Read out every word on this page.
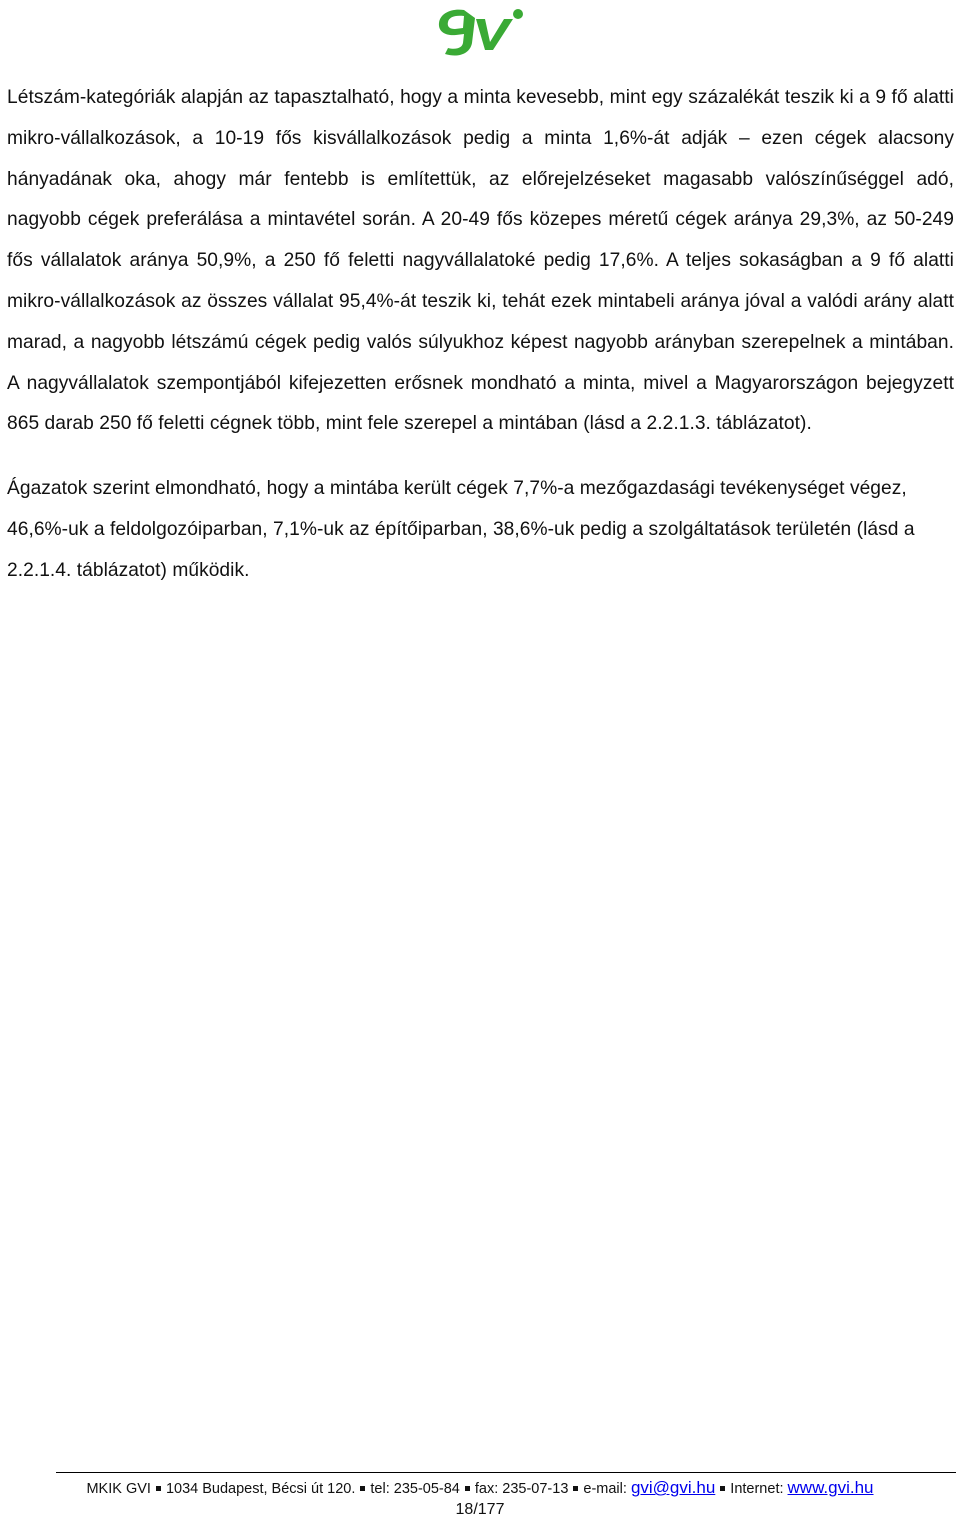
Létszám-kategóriák alapján az tapasztalható, hogy a minta kevesebb, mint egy százalékát teszik ki a 9 fő alatti mikro-vállalkozások, a 10-19 fős kisvállalkozások pedig a minta 1,6%-át adják – ezen cégek alacsony hányadának oka, ahogy már fentebb is említettük, az előrejelzéseket magasabb valószínűséggel adó, nagyobb cégek preferálása a mintavétel során. A 20-49 fős közepes méretű cégek aránya 29,3%, az 50-249 fős vállalatok aránya 50,9%, a 250 fő feletti nagyvállalatoké pedig 17,6%. A teljes sokaságban a 9 fő alatti mikro-vállalkozások az összes vállalat 95,4%-át teszik ki, tehát ezek mintabeli aránya jóval a valódi arány alatt marad, a nagyobb létszámú cégek pedig valós súlyukhoz képest nagyobb arányban szerepelnek a mintában. A nagyvállalatok szempontjából kifejezetten erősnek mondható a minta, mivel a Magyarországon bejegyzett 865 darab 250 fő feletti cégnek több, mint fele szerepel a mintában (lásd a 2.2.1.3. táblázatot).

Ágazatok szerint elmondható, hogy a mintába került cégek 7,7%-a mezőgazdasági tevékenységet végez, 46,6%-uk a feldolgozóiparban, 7,1%-uk az építőiparban, 38,6%-uk pedig a szolgáltatások területén (lásd a 2.2.1.4. táblázatot) működik.

MKIK GVI 1034 Budapest, Bécsi út 120. tel: 235-05-84 fax: 235-07-13 e-mail: gvi@gvi.hu Internet: www.gvi.hu
18/177
